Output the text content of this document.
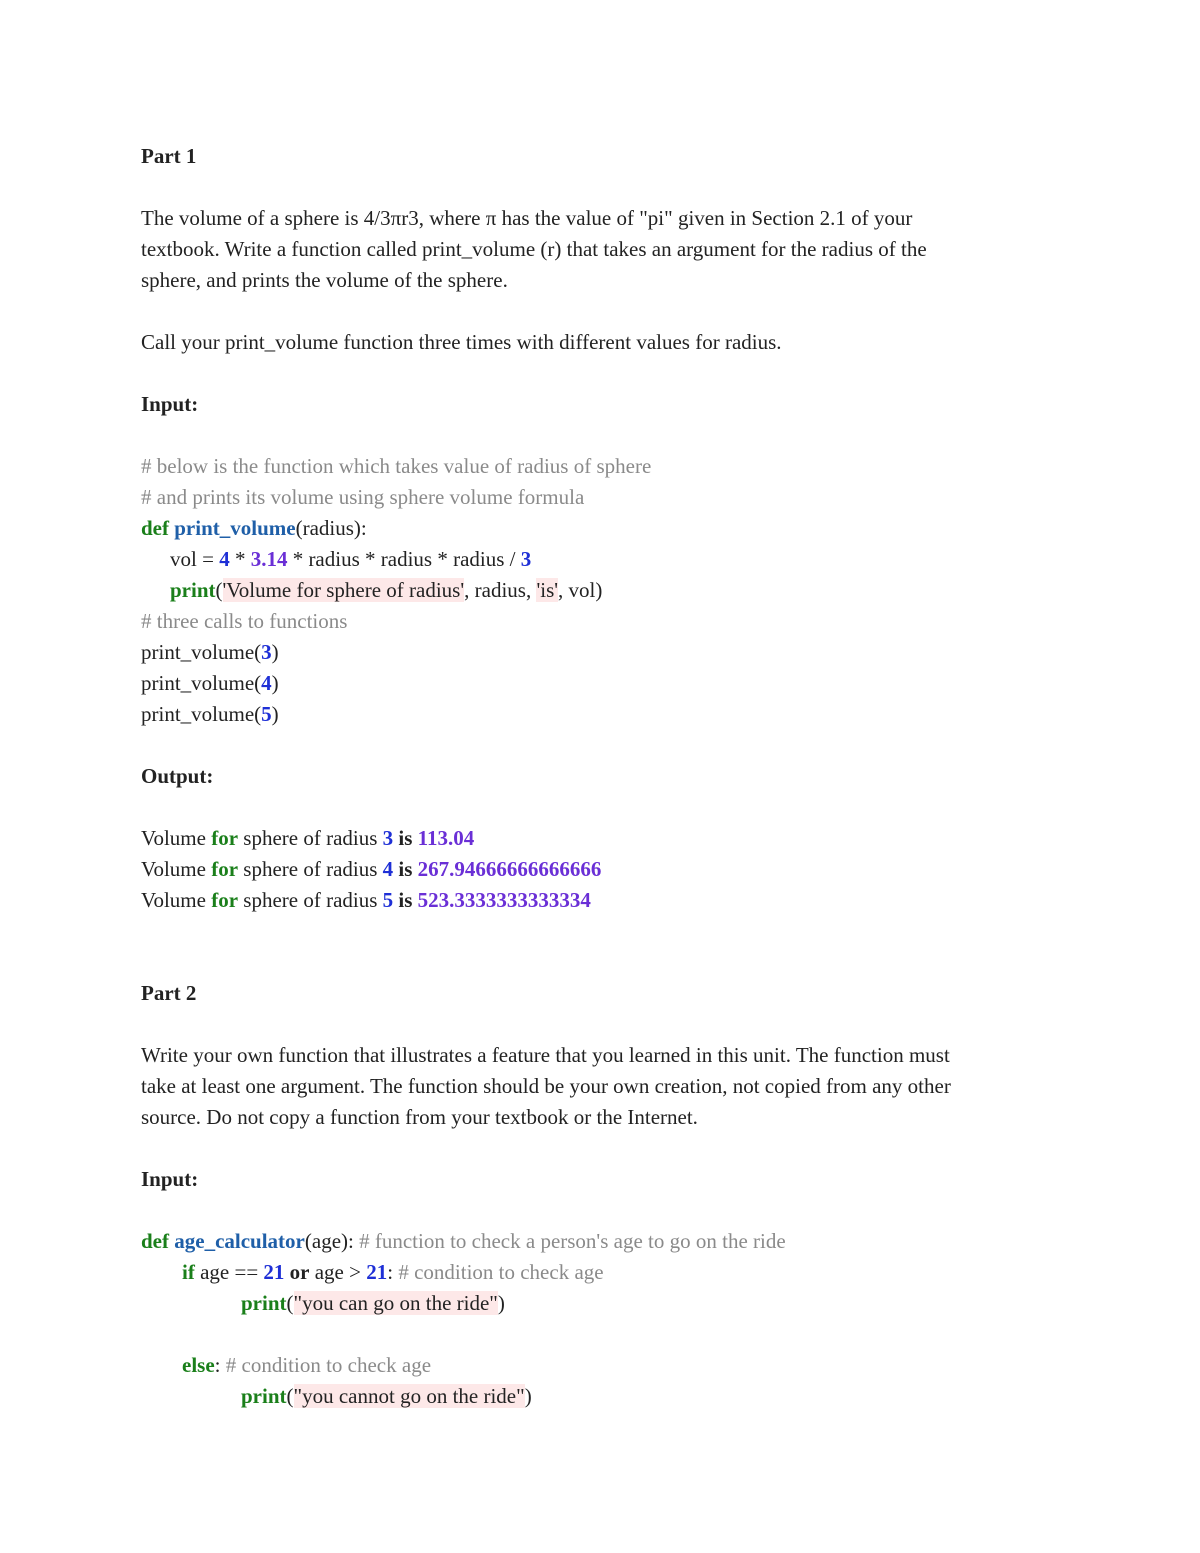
Part 1
The volume of a sphere is 4/3πr3, where π has the value of "pi" given in Section 2.1 of your
textbook. Write a function called print_volume (r) that takes an argument for the radius of the
sphere, and prints the volume of the sphere.
Call your print_volume function three times with different values for radius.
Input:
# below is the function which takes value of radius of sphere
# and prints its volume using sphere volume formula
def print_volume(radius):
vol = 4 * 3.14 * radius * radius * radius / 3
print('Volume for sphere of radius', radius, 'is', vol)
# three calls to functions
print_volume(3)
print_volume(4)
print_volume(5)
Output:
Volume for sphere of radius 3 is 113.04
Volume for sphere of radius 4 is 267.94666666666666
Volume for sphere of radius 5 is 523.3333333333334
Part 2
Write your own function that illustrates a feature that you learned in this unit. The function must
take at least one argument. The function should be your own creation, not copied from any other
source. Do not copy a function from your textbook or the Internet.
Input:
def age_calculator(age): # function to check a person's age to go on the ride
if age == 21 or age > 21: # condition to check age
print("you can go on the ride")
else: # condition to check age
print("you cannot go on the ride")
